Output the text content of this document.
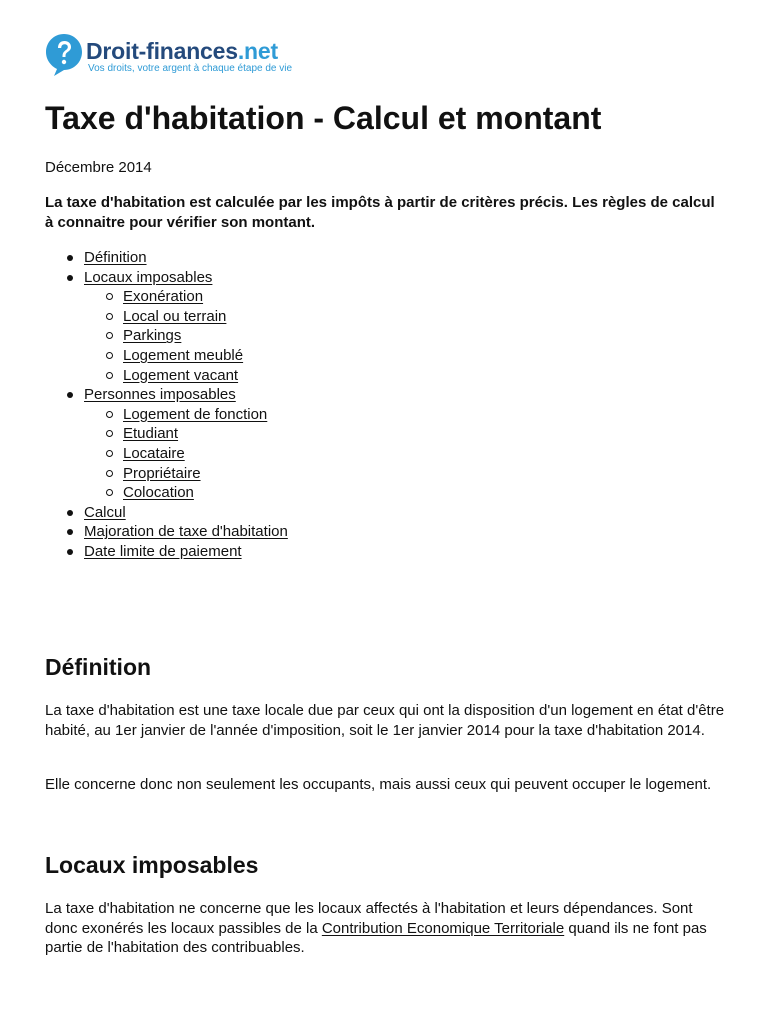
Droit-finances.net
Vos droits, votre argent à chaque étape de vie
Taxe d'habitation - Calcul et montant
Décembre 2014

La taxe d'habitation est calculée par les impôts à partir de critères précis. Les règles de calcul à connaitre pour vérifier son montant.

Définition
Locaux imposables
Exonération
Local ou terrain
Parkings
Logement meublé
Logement vacant
Personnes imposables
Logement de fonction
Etudiant
Locataire
Propriétaire
Colocation
Calcul
Majoration de taxe d'habitation
Date limite de paiement
Définition

La taxe d'habitation est une taxe locale due par ceux qui ont la disposition d'un logement en état d'être habité, au 1er janvier de l'année d'imposition, soit le 1er janvier 2014 pour la taxe d'habitation 2014.

Elle concerne donc non seulement les occupants, mais aussi ceux qui peuvent occuper le logement.

Locaux imposables

La taxe d'habitation ne concerne que les locaux affectés à l'habitation et leurs dépendances. Sont donc exonérés les locaux passibles de la Contribution Economique Territoriale quand ils ne font pas partie de l'habitation des contribuables.
